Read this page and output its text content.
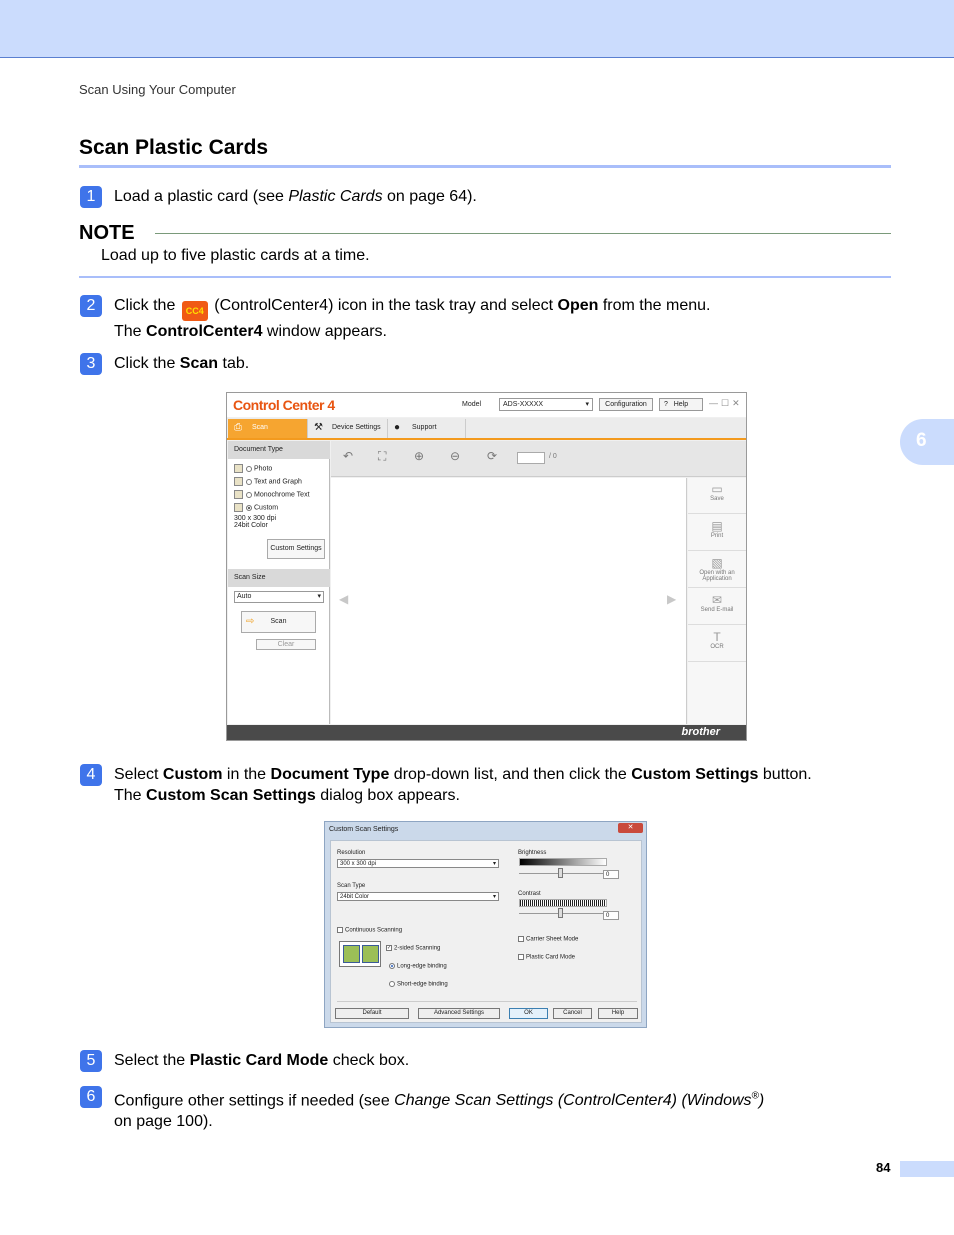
Scan Using Your Computer
Scan Plastic Cards
6
1	Load a plastic card (see Plastic Cards on page 64).
NOTE
Load up to five plastic cards at a time.
2	Click the CC4 (ControlCenter4) icon in the task tray and select Open from the menu.
The ControlCenter4 window appears.
3	Click the Scan tab.
Control Center 4	Model	ADS-XXXXX ▾	Configuration	? Help	—☐✕
⎙ Scan	⚒ Device Settings	● Support
Document Type
Photo
Text and Graph
Monochrome Text
Custom
300 x 300 dpi
24bit Color
Custom Settings
Scan Size
Auto ▾
⇨ Scan
Clear
↶ ⛶ ⊕ ⊖ ⟳	/ 0
◀	▶
▭
Save
▤
Print
▧
Open with an Application
✉
Send E-mail
T
OCR
brother
4	Select Custom in the Document Type drop-down list, and then click the Custom Settings button.
The Custom Scan Settings dialog box appears.
Custom Scan Settings	✕
Resolution
300 x 300 dpi ▾
Scan Type
24bit Color ▾
Continuous Scanning
✓ 2-sided Scanning
Long-edge binding
Short-edge binding
Brightness
0
Contrast
0
Carrier Sheet Mode
Plastic Card Mode
Default	Advanced Settings	OK	Cancel	Help
5	Select the Plastic Card Mode check box.
6	Configure other settings if needed (see Change Scan Settings (ControlCenter4) (Windows®)
on page 100).
84
